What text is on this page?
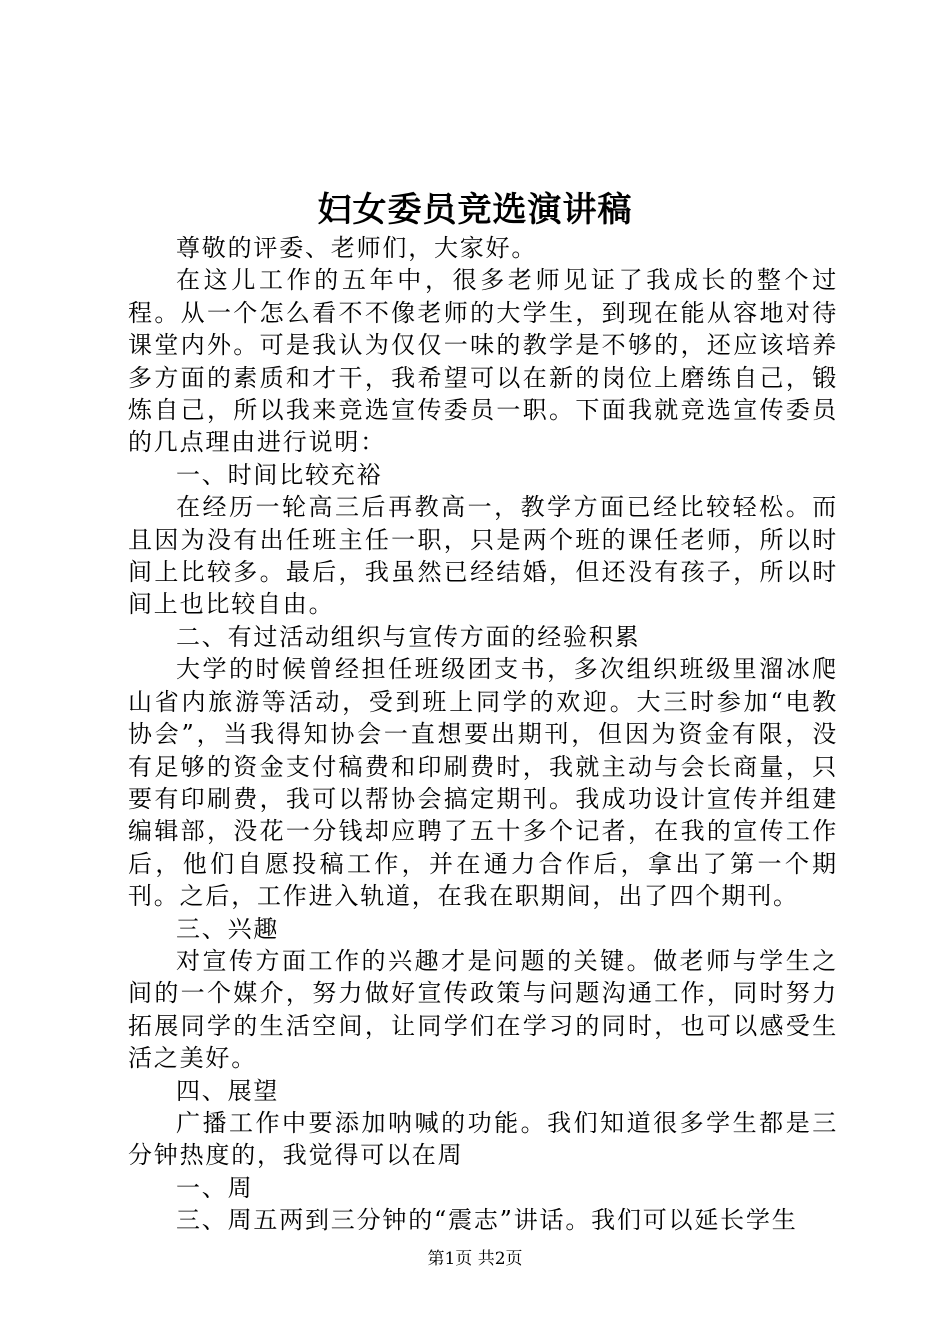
妇女委员竞选演讲稿

尊敬的评委、老师们，大家好。

在这儿工作的五年中，很多老师见证了我成长的整个过程。从一个怎么看不不像老师的大学生，到现在能从容地对待课堂内外。可是我认为仅仅一味的教学是不够的，还应该培养多方面的素质和才干，我希望可以在新的岗位上磨练自己，锻炼自己，所以我来竞选宣传委员一职。下面我就竞选宣传委员的几点理由进行说明：

一、时间比较充裕

在经历一轮高三后再教高一，教学方面已经比较轻松。而且因为没有出任班主任一职，只是两个班的课任老师，所以时间上比较多。最后，我虽然已经结婚，但还没有孩子，所以时间上也比较自由。

二、有过活动组织与宣传方面的经验积累

大学的时候曾经担任班级团支书，多次组织班级里溜冰爬山省内旅游等活动，受到班上同学的欢迎。大三时参加“电教协会”，当我得知协会一直想要出期刊，但因为资金有限，没有足够的资金支付稿费和印刷费时，我就主动与会长商量，只要有印刷费，我可以帮协会搞定期刊。我成功设计宣传并组建编辑部，没花一分钱却应聘了五十多个记者，在我的宣传工作后，他们自愿投稿工作，并在通力合作后，拿出了第一个期刊。之后，工作进入轨道，在我在职期间，出了四个期刊。

三、兴趣

对宣传方面工作的兴趣才是问题的关键。做老师与学生之间的一个媒介，努力做好宣传政策与问题沟通工作，同时努力拓展同学的生活空间，让同学们在学习的同时，也可以感受生活之美好。

四、展望

广播工作中要添加呐喊的功能。我们知道很多学生都是三分钟热度的，我觉得可以在周

一、周

三、周五两到三分钟的“震志”讲话。我们可以延长学生

第1页 共2页
